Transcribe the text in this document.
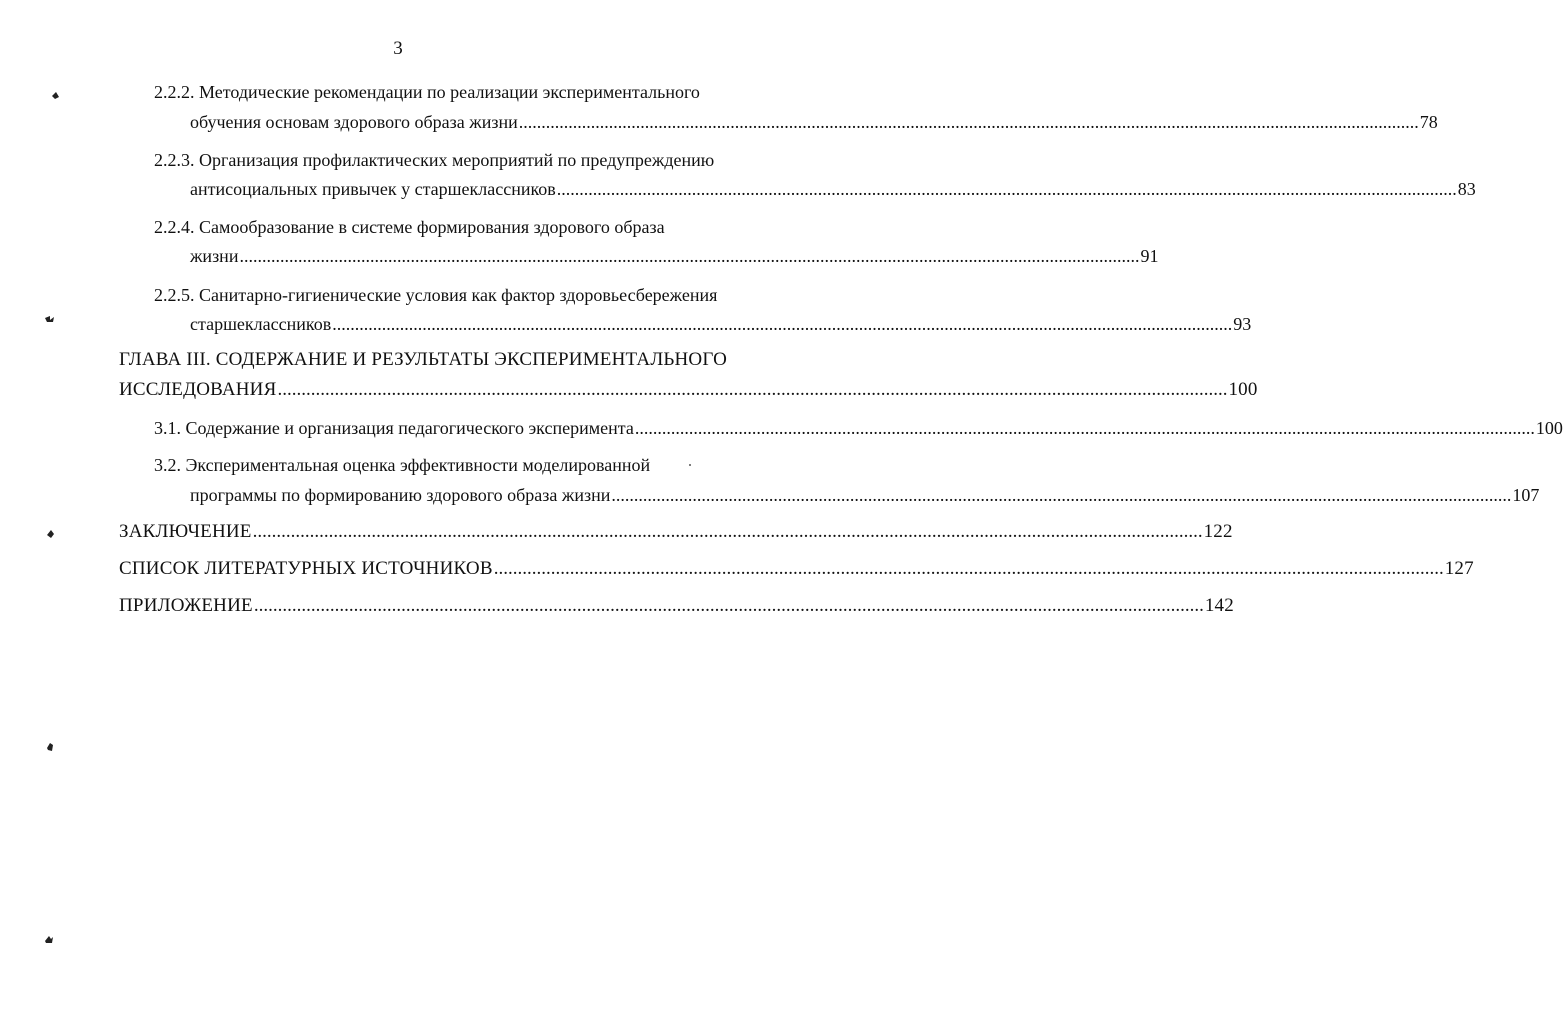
3
2.2.2. Методические рекомендации по реализации экспериментального
обучения основам здорового образа жизни ........................................................................................................................................................................................................ 78
2.2.3. Организация профилактических мероприятий по предупреждению
антисоциальных привычек у старшеклассников ........................................................................................................................................................................................................ 83
2.2.4. Самообразование в системе формирования здорового образа
жизни ........................................................................................................................................................................................................ 91
2.2.5. Санитарно-гигиенические условия как фактор здоровьесбережения
старшеклассников ........................................................................................................................................................................................................ 93
ГЛАВА III. СОДЕРЖАНИЕ И РЕЗУЛЬТАТЫ ЭКСПЕРИМЕНТАЛЬНОГО
ИССЛЕДОВАНИЯ ........................................................................................................................................................................................................ 100
3.1. Содержание и организация педагогического эксперимента ........................................................................................................................................................................................................ 100
3.2. Экспериментальная оценка эффективности моделированной
программы по формированию здорового образа жизни ........................................................................................................................................................................................................ 107
ЗАКЛЮЧЕНИЕ ........................................................................................................................................................................................................ 122
СПИСОК ЛИТЕРАТУРНЫХ ИСТОЧНИКОВ ........................................................................................................................................................................................................ 127
ПРИЛОЖЕНИЕ ........................................................................................................................................................................................................ 142
